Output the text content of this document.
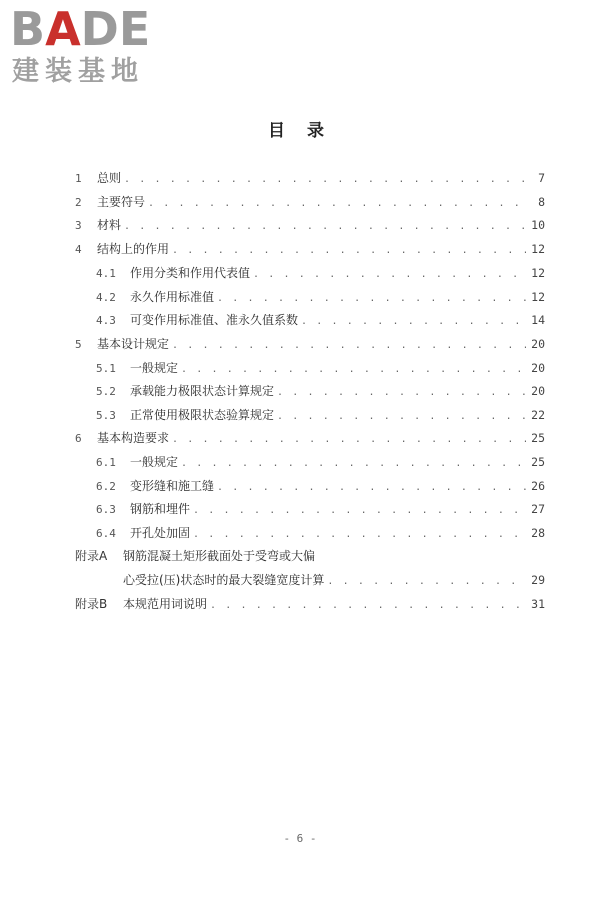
BADE
建装基地
目 录
1	总则 . . .	7
2	主要符号 . . .	8
3	材料 . . .	10
4	结构上的作用 . . .	12
4.1	作用分类和作用代表值 . . .	12
4.2	永久作用标准值 . . .	12
4.3	可变作用标准值、准永久值系数 . . .	14
5	基本设计规定 . . .	20
5.1	一般规定 . . .	20
5.2	承载能力极限状态计算规定 . . .	20
5.3	正常使用极限状态验算规定 . . .	22
6	基本构造要求 . . .	25
6.1	一般规定 . . .	25
6.2	变形缝和施工缝 . . .	26
6.3	钢筋和埋件 . . .	27
6.4	开孔处加固 . . .	28
附录A	钢筋混凝土矩形截面处于受弯或大偏
心受拉(压)状态时的最大裂缝宽度计算 . . .	29
附录B	本规范用词说明 . . .	31
- 6 -
